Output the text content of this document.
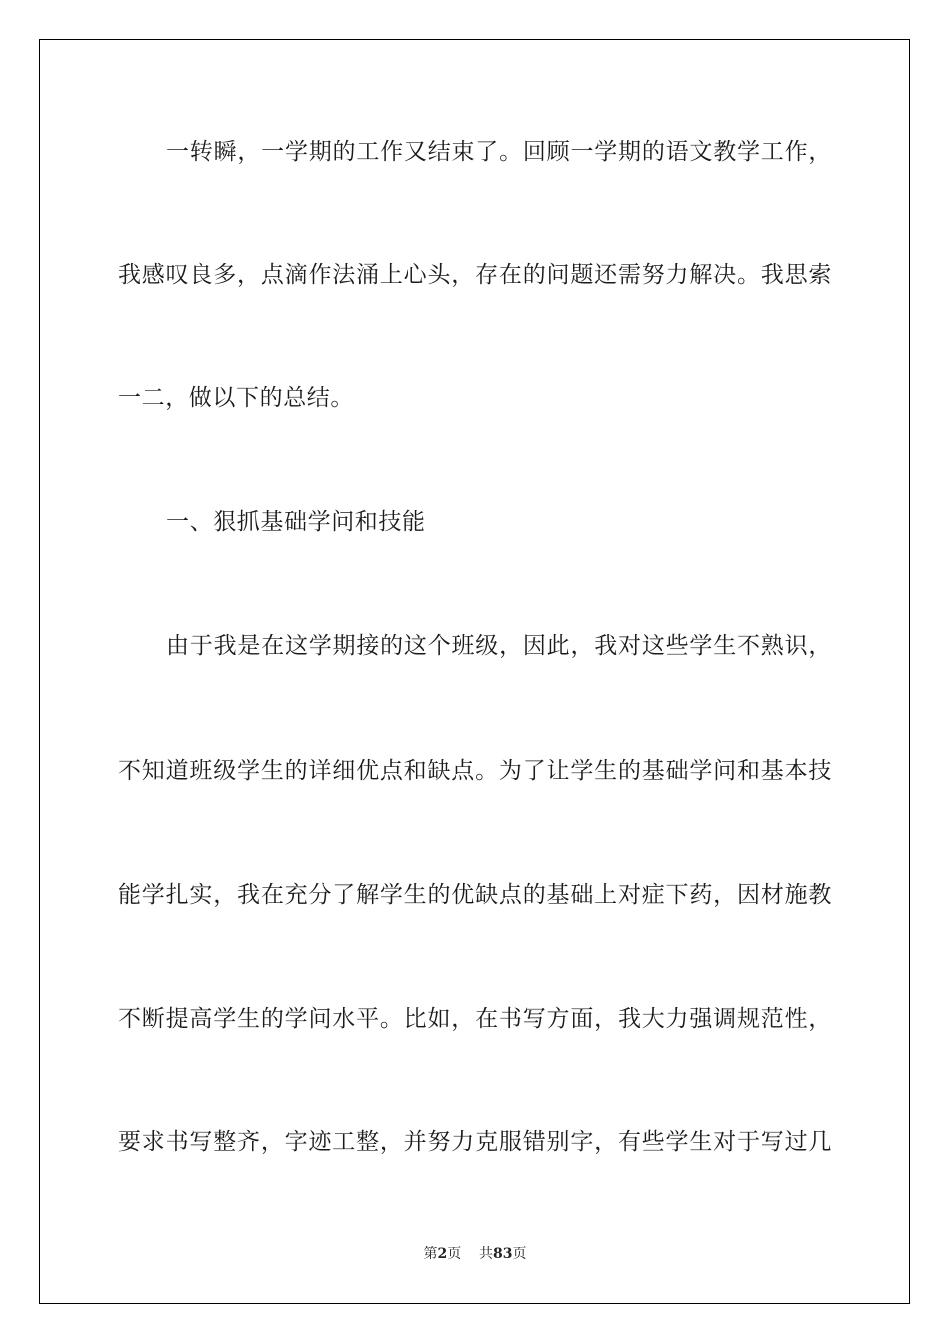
一转瞬，一学期的工作又结束了。回顾一学期的语文教学工作，
我感叹良多，点滴作法涌上心头，存在的问题还需努力解决。我思索
一二，做以下的总结。
一、狠抓基础学问和技能
由于我是在这学期接的这个班级，因此，我对这些学生不熟识，
不知道班级学生的详细优点和缺点。为了让学生的基础学问和基本技
能学扎实，我在充分了解学生的优缺点的基础上对症下药，因材施教
不断提高学生的学问水平。比如，在书写方面，我大力强调规范性，
要求书写整齐，字迹工整，并努力克服错别字，有些学生对于写过几
第2页 共83页
